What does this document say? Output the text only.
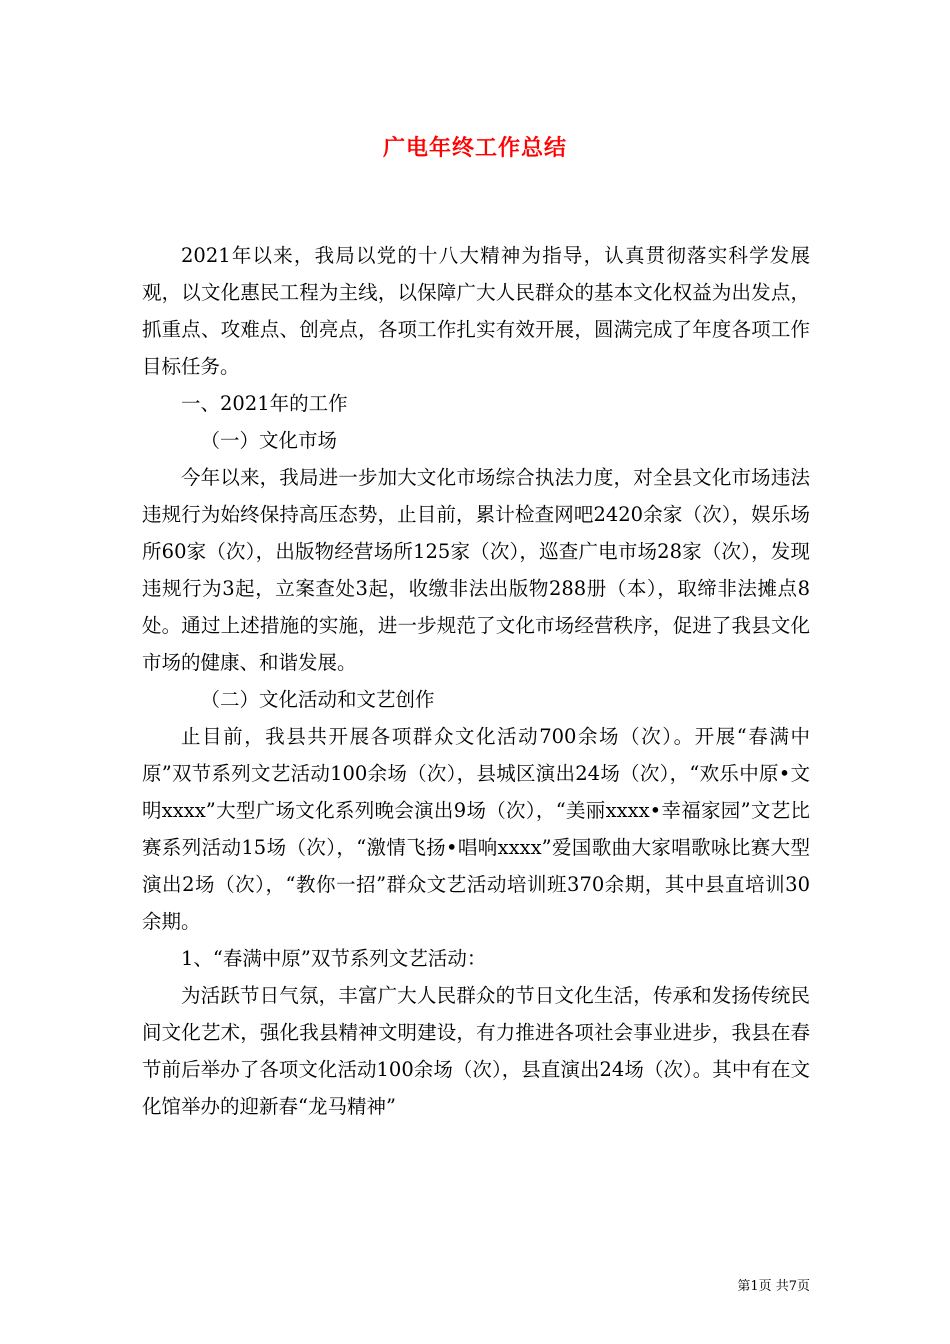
广电年终工作总结

2021年以来，我局以党的十八大精神为指导，认真贯彻落实科学发展观，以文化惠民工程为主线，以保障广大人民群众的基本文化权益为出发点，抓重点、攻难点、创亮点，各项工作扎实有效开展，圆满完成了年度各项工作目标任务。

一、2021年的工作

（一）文化市场

今年以来，我局进一步加大文化市场综合执法力度，对全县文化市场违法违规行为始终保持高压态势，止目前，累计检查网吧2420余家（次），娱乐场所60家（次），出版物经营场所125家（次），巡查广电市场28家（次），发现违规行为3起，立案查处3起，收缴非法出版物288册（本），取缔非法摊点8处。通过上述措施的实施，进一步规范了文化市场经营秩序，促进了我县文化市场的健康、和谐发展。

（二）文化活动和文艺创作

止目前，我县共开展各项群众文化活动700余场（次）。开展“春满中原”双节系列文艺活动100余场（次），县城区演出24场（次），“欢乐中原•文明xxxx”大型广场文化系列晚会演出9场（次），“美丽xxxx•幸福家园”文艺比赛系列活动15场（次），“激情飞扬•唱响xxxx”爱国歌曲大家唱歌咏比赛大型演出2场（次），“教你一招”群众文艺活动培训班370余期，其中县直培训30余期。

1、“春满中原”双节系列文艺活动：

为活跃节日气氛，丰富广大人民群众的节日文化生活，传承和发扬传统民间文化艺术，强化我县精神文明建设，有力推进各项社会事业进步，我县在春节前后举办了各项文化活动100余场（次），县直演出24场（次）。其中有在文化馆举办的迎新春“龙马精神”

第1页 共7页
